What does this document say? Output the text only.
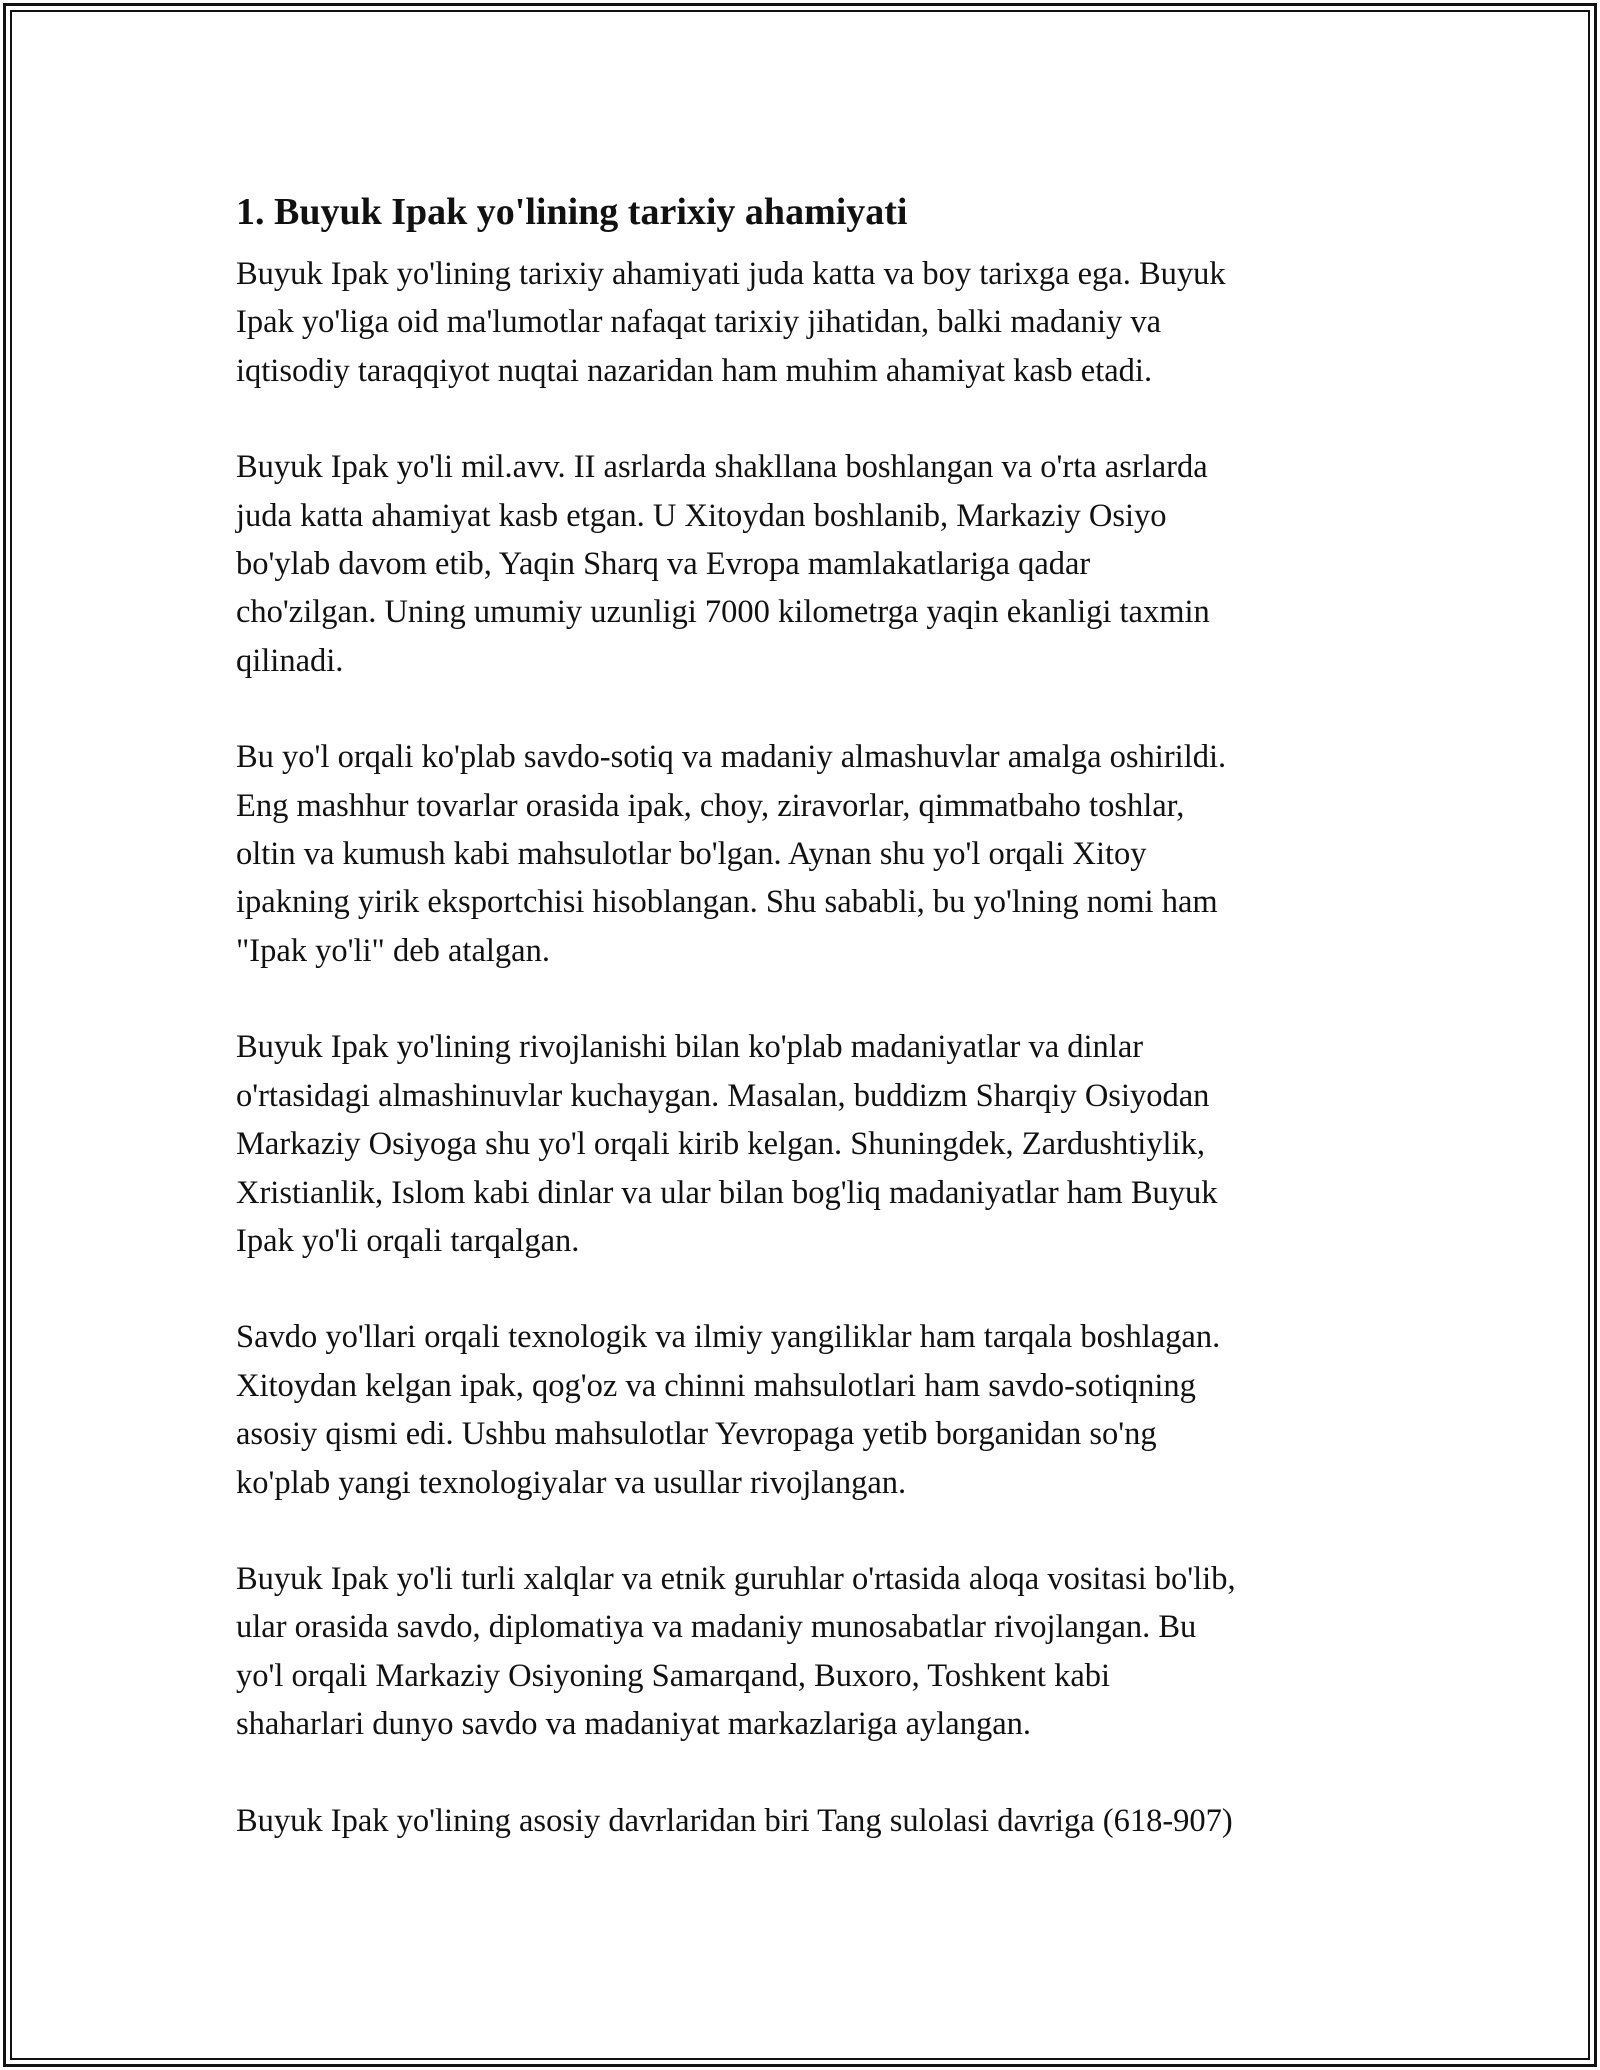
1. Buyuk Ipak yo'lining tarixiy ahamiyati

Buyuk Ipak yo'lining tarixiy ahamiyati juda katta va boy tarixga ega. Buyuk
Ipak yo'liga oid ma'lumotlar nafaqat tarixiy jihatidan, balki madaniy va
iqtisodiy taraqqiyot nuqtai nazaridan ham muhim ahamiyat kasb etadi.

Buyuk Ipak yo'li mil.avv. II asrlarda shakllana boshlangan va o'rta asrlarda
juda katta ahamiyat kasb etgan. U Xitoydan boshlanib, Markaziy Osiyo
bo'ylab davom etib, Yaqin Sharq va Evropa mamlakatlariga qadar
cho'zilgan. Uning umumiy uzunligi 7000 kilometrga yaqin ekanligi taxmin
qilinadi.

Bu yo'l orqali ko'plab savdo-sotiq va madaniy almashuvlar amalga oshirildi.
Eng mashhur tovarlar orasida ipak, choy, ziravorlar, qimmatbaho toshlar,
oltin va kumush kabi mahsulotlar bo'lgan. Aynan shu yo'l orqali Xitoy
ipakning yirik eksportchisi hisoblangan. Shu sababli, bu yo'lning nomi ham
"Ipak yo'li" deb atalgan.

Buyuk Ipak yo'lining rivojlanishi bilan ko'plab madaniyatlar va dinlar
o'rtasidagi almashinuvlar kuchaygan. Masalan, buddizm Sharqiy Osiyodan
Markaziy Osiyoga shu yo'l orqali kirib kelgan. Shuningdek, Zardushtiylik,
Xristianlik, Islom kabi dinlar va ular bilan bog'liq madaniyatlar ham Buyuk
Ipak yo'li orqali tarqalgan.

Savdo yo'llari orqali texnologik va ilmiy yangiliklar ham tarqala boshlagan.
Xitoydan kelgan ipak, qog'oz va chinni mahsulotlari ham savdo-sotiqning
asosiy qismi edi. Ushbu mahsulotlar Yevropaga yetib borganidan so'ng
ko'plab yangi texnologiyalar va usullar rivojlangan.

Buyuk Ipak yo'li turli xalqlar va etnik guruhlar o'rtasida aloqa vositasi bo'lib,
ular orasida savdo, diplomatiya va madaniy munosabatlar rivojlangan. Bu
yo'l orqali Markaziy Osiyoning Samarqand, Buxoro, Toshkent kabi
shaharlari dunyo savdo va madaniyat markazlariga aylangan.

Buyuk Ipak yo'lining asosiy davrlaridan biri Tang sulolasi davriga (618-907)
